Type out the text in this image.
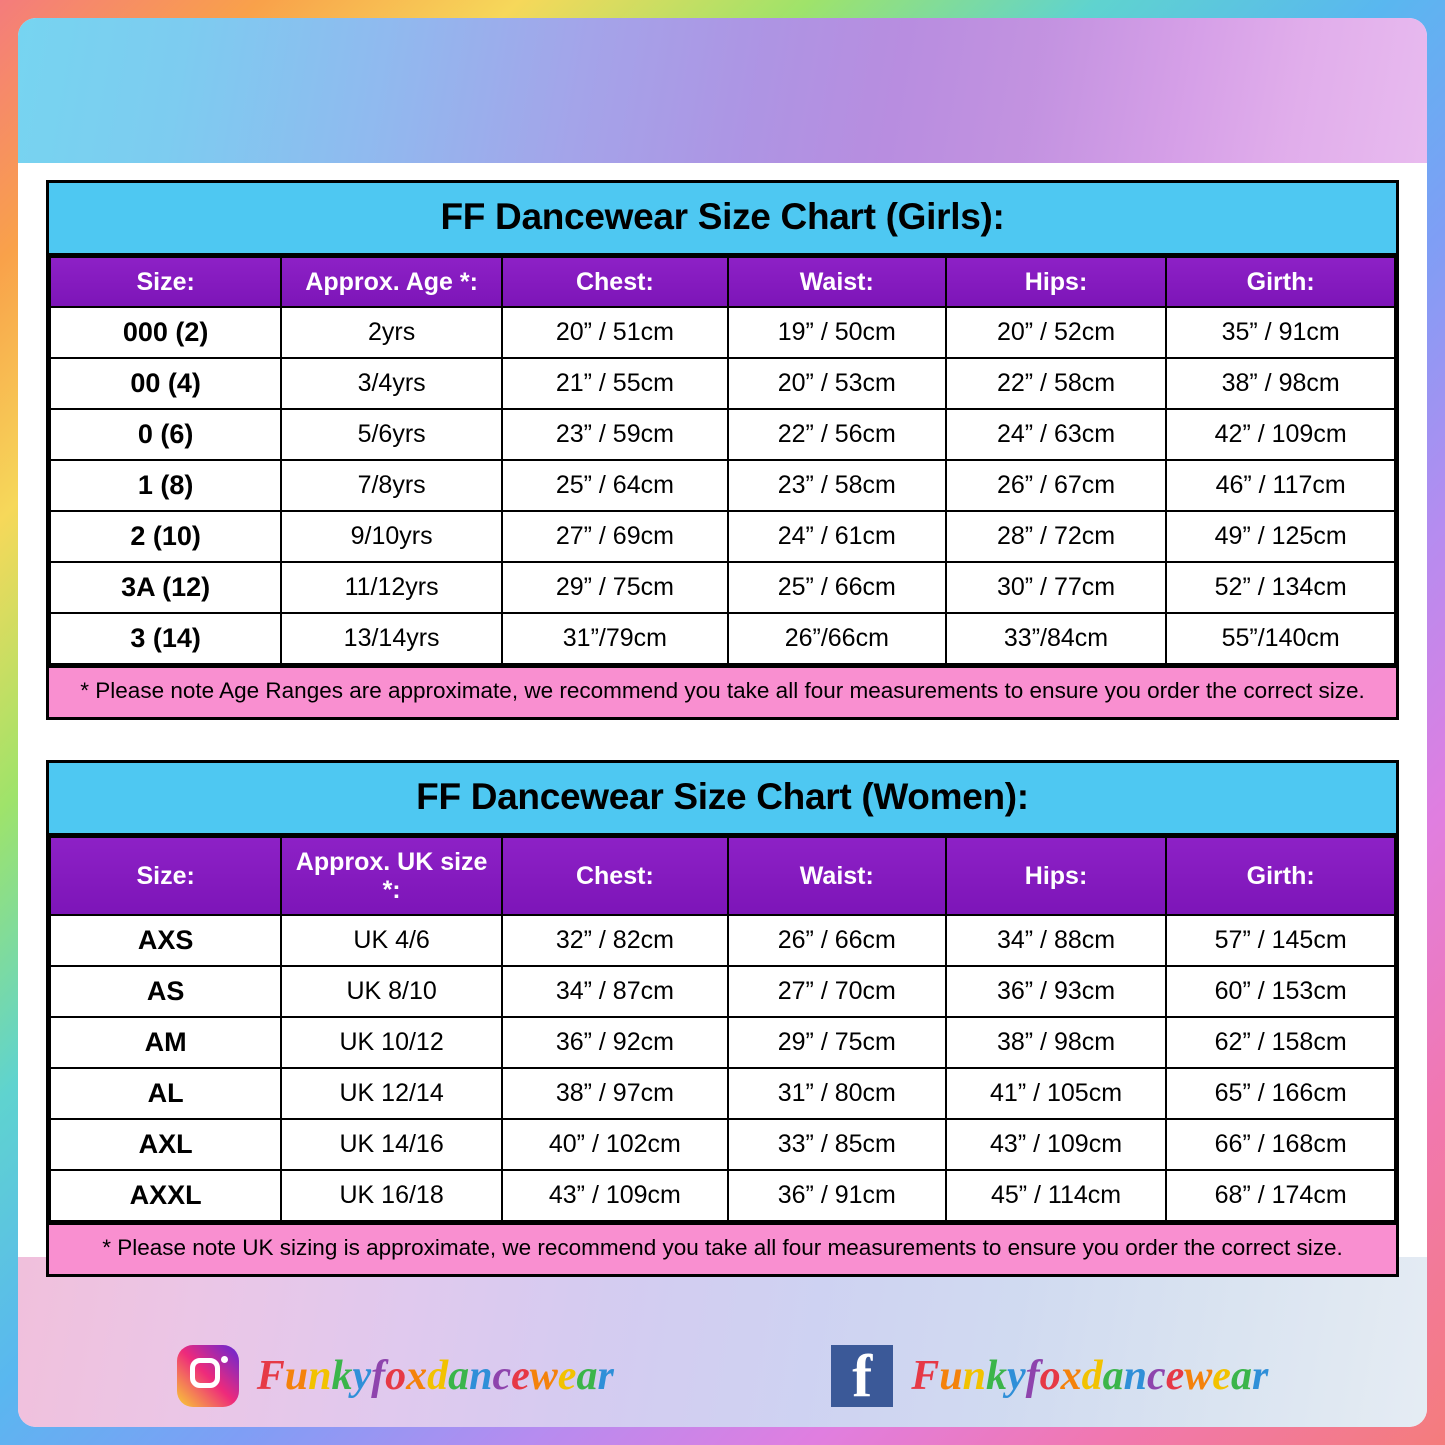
FF Dancewear Size Chart (Girls):
Size:	Approx. Age *:	Chest:	Waist:	Hips:	Girth:
000 (2)	2yrs	20” / 51cm	19” / 50cm	20” / 52cm	35” / 91cm
00 (4)	3/4yrs	21” / 55cm	20” / 53cm	22” / 58cm	38” / 98cm
0 (6)	5/6yrs	23” / 59cm	22” / 56cm	24” / 63cm	42” / 109cm
1 (8)	7/8yrs	25” / 64cm	23” / 58cm	26” / 67cm	46” / 117cm
2 (10)	9/10yrs	27” / 69cm	24” / 61cm	28” / 72cm	49” / 125cm
3A (12)	11/12yrs	29” / 75cm	25” / 66cm	30” / 77cm	52” / 134cm
3 (14)	13/14yrs	31”/79cm	26”/66cm	33”/84cm	55”/140cm
* Please note Age Ranges are approximate, we recommend you take all four measurements to ensure you order the correct size.
FF Dancewear Size Chart (Women):
Size:	Approx. UK size *:	Chest:	Waist:	Hips:	Girth:
AXS	UK 4/6	32” / 82cm	26” / 66cm	34” / 88cm	57” / 145cm
AS	UK 8/10	34” / 87cm	27” / 70cm	36” / 93cm	60” / 153cm
AM	UK 10/12	36” / 92cm	29” / 75cm	38” / 98cm	62” / 158cm
AL	UK 12/14	38” / 97cm	31” / 80cm	41” / 105cm	65” / 166cm
AXL	UK 14/16	40” / 102cm	33” / 85cm	43” / 109cm	66” / 168cm
AXXL	UK 16/18	43” / 109cm	36” / 91cm	45” / 114cm	68” / 174cm
* Please note UK sizing is approximate, we recommend you take all four measurements to ensure you order the correct size.
Funkyfoxdancewear	f Funkyfoxdancewear
